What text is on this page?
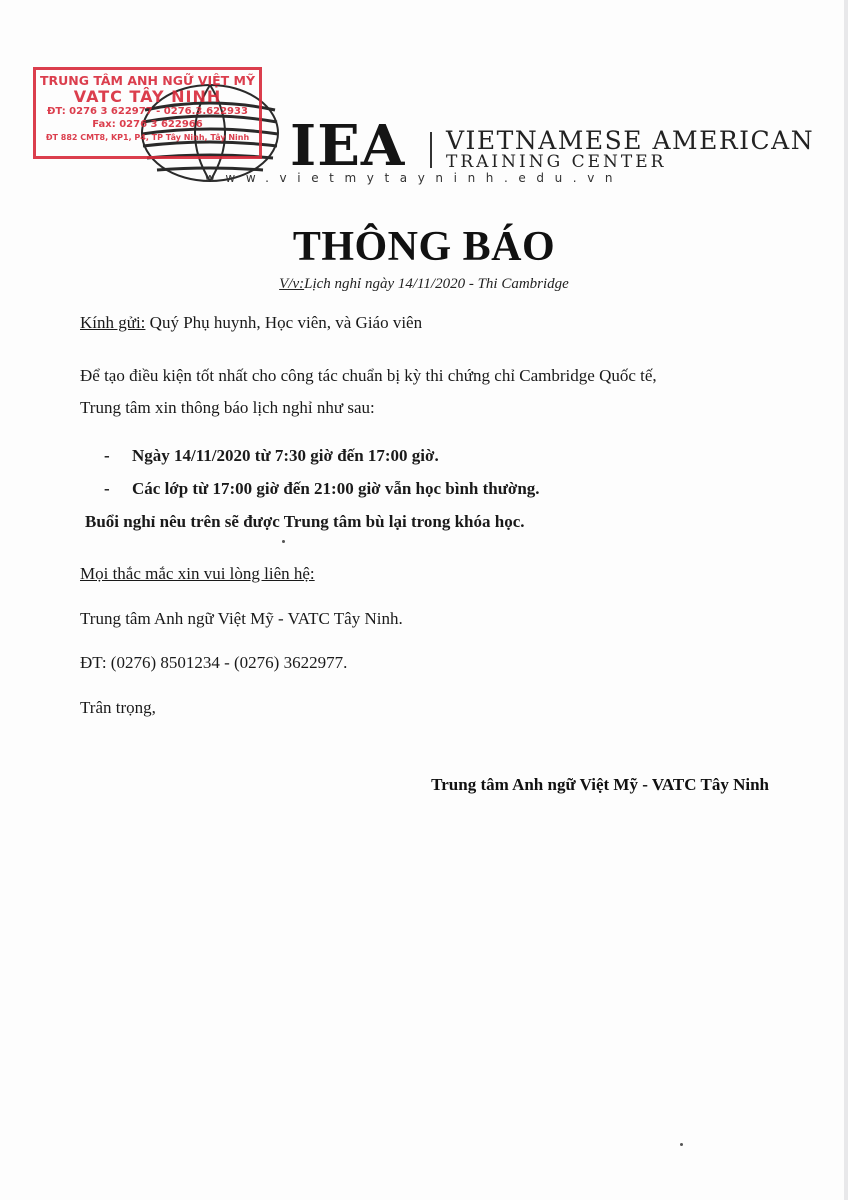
IEA VIETNAMESE AMERICAN
TRAINING CENTER
www.vietmytayninh.edu.vn
TRUNG TÂM ANH NGỮ VIỆT MỸ
VATC TÂY NINH
ĐT: 0276 3 622977 - 0276.3.622933
Fax: 0276 3 622966
ĐT 882 CMT8, KP1, P4, TP Tây Ninh, Tây Ninh
THÔNG BÁO
V/v:Lịch nghỉ ngày 14/11/2020 - Thi Cambridge
Kính gửi: Quý Phụ huynh, Học viên, và Giáo viên
Để tạo điều kiện tốt nhất cho công tác chuẩn bị kỳ thi chứng chỉ Cambridge Quốc tế,
Trung tâm xin thông báo lịch nghỉ như sau:
- Ngày 14/11/2020 từ 7:30 giờ đến 17:00 giờ.
- Các lớp từ 17:00 giờ đến 21:00 giờ vẫn học bình thường.
Buổi nghỉ nêu trên sẽ được Trung tâm bù lại trong khóa học.
Mọi thắc mắc xin vui lòng liên hệ:
Trung tâm Anh ngữ Việt Mỹ - VATC Tây Ninh.
ĐT: (0276) 8501234 - (0276) 3622977.
Trân trọng,
Trung tâm Anh ngữ Việt Mỹ - VATC Tây Ninh
